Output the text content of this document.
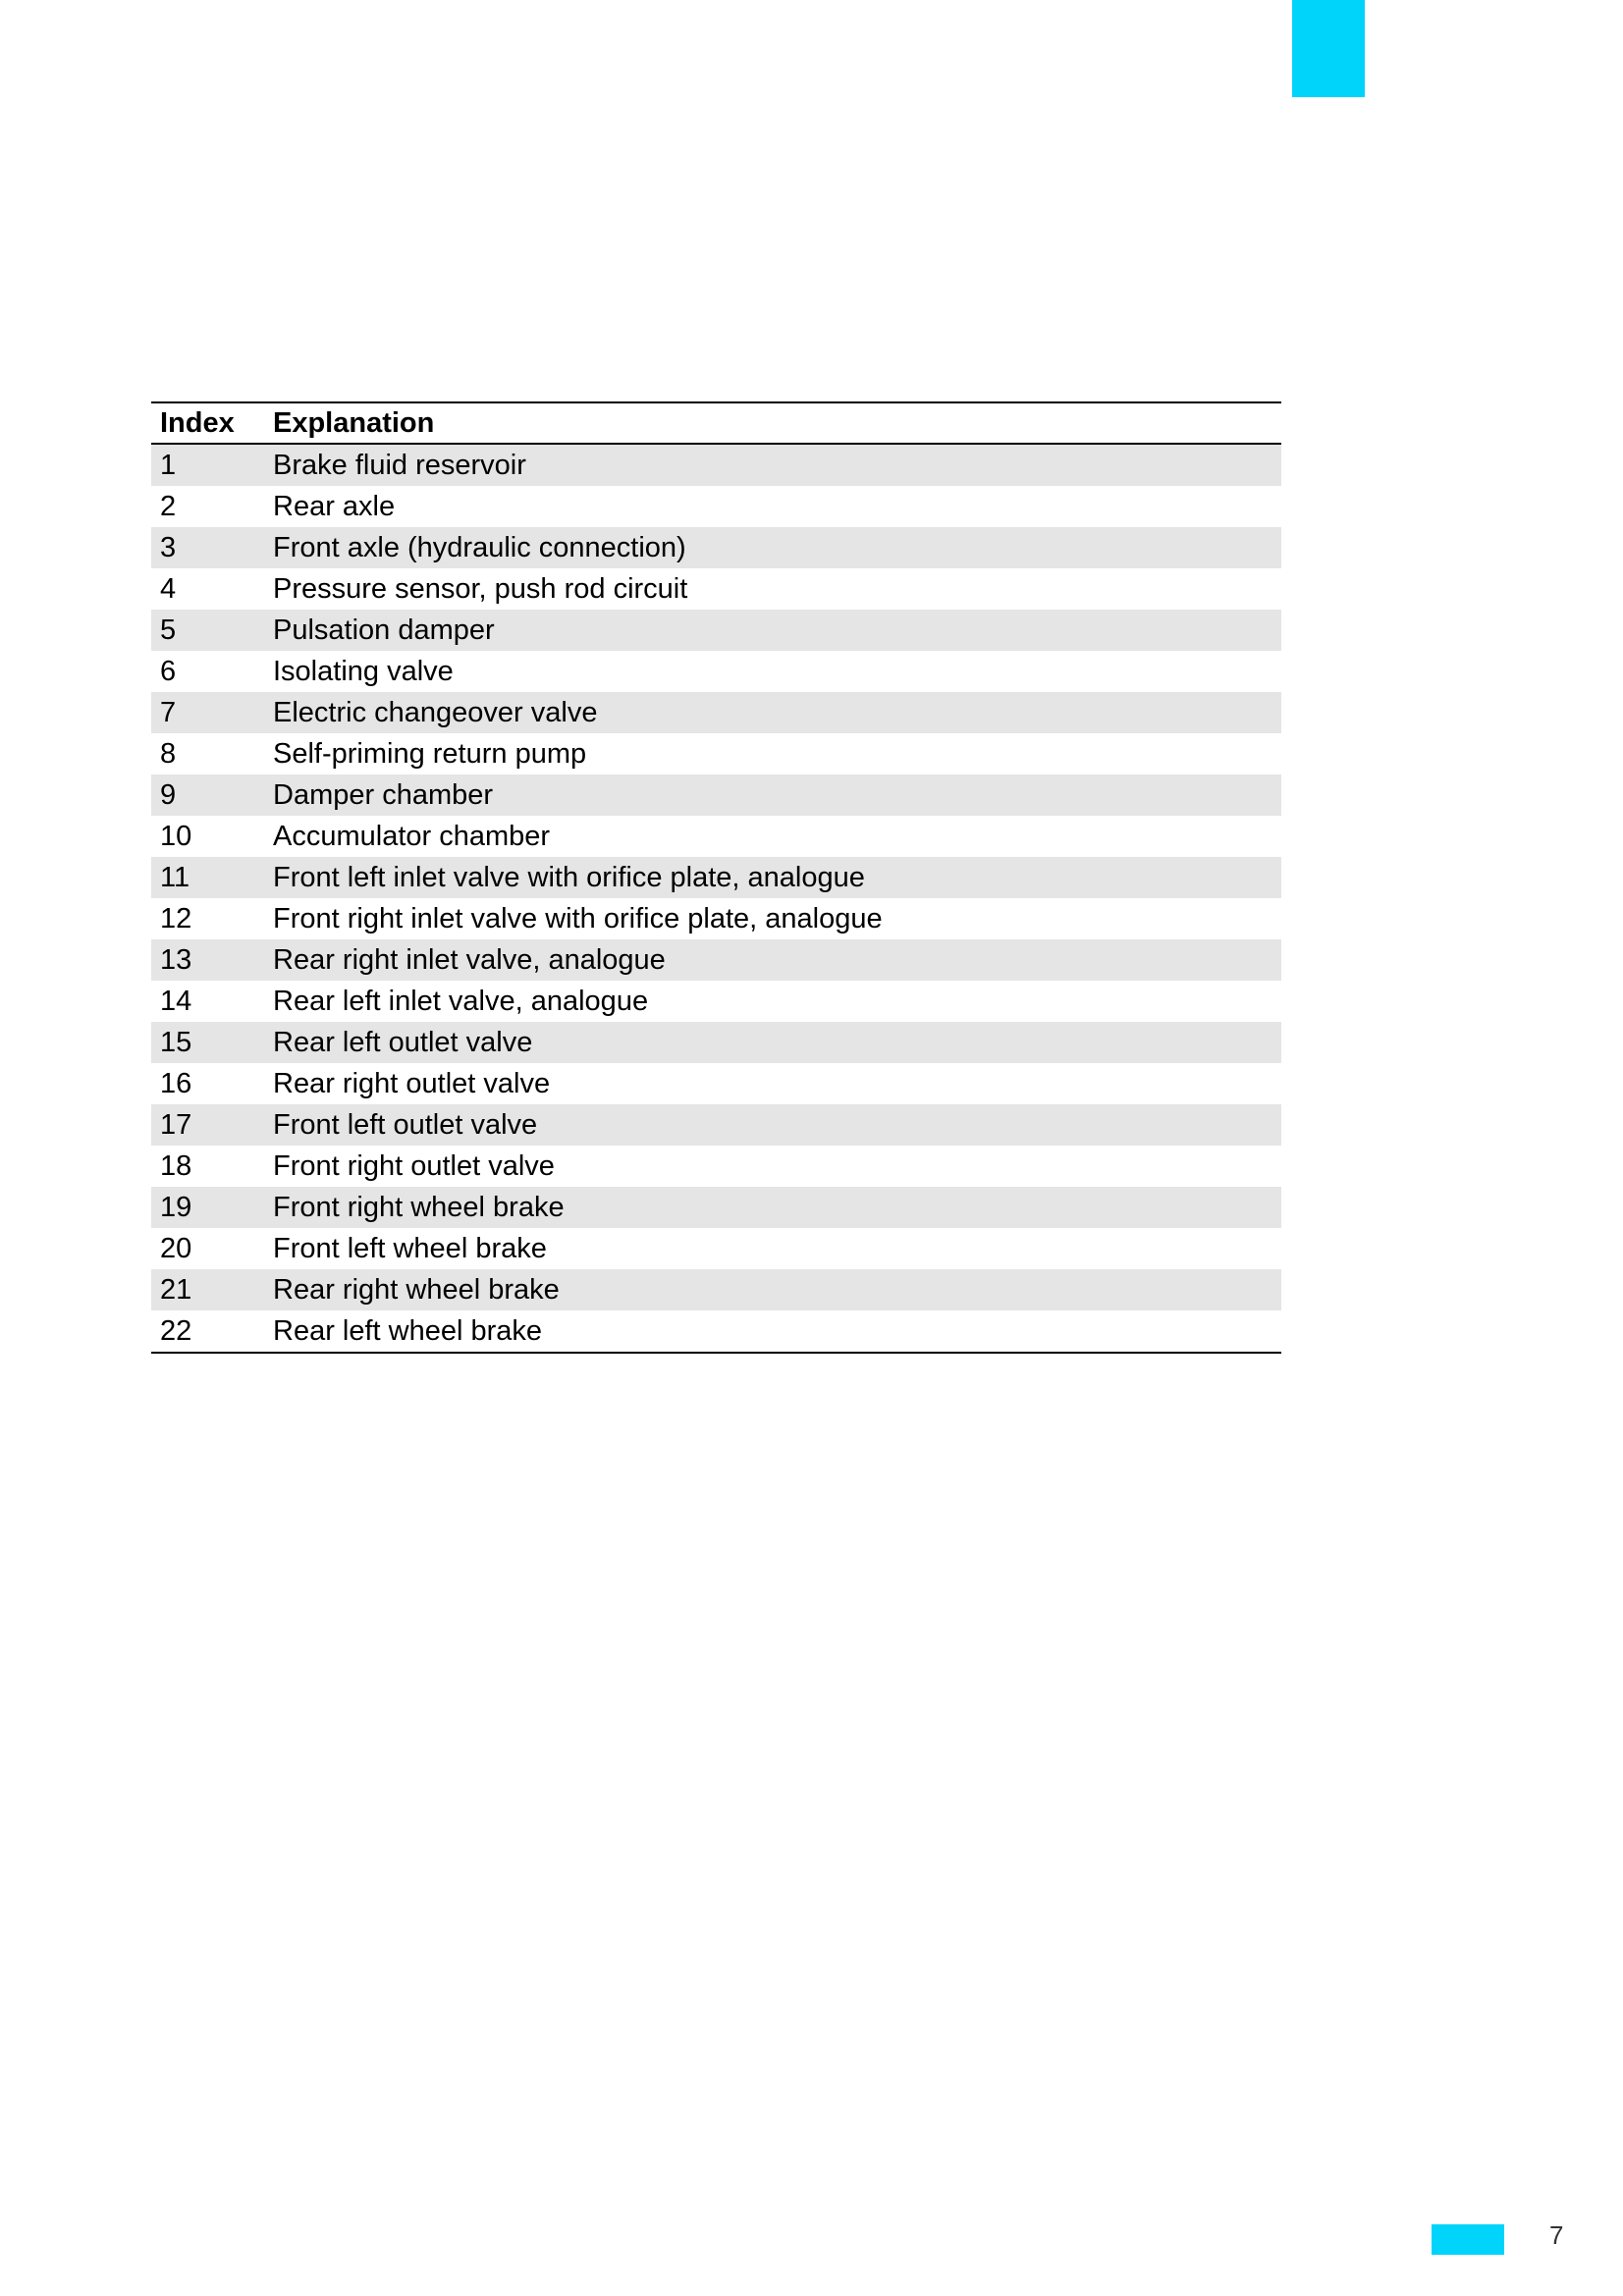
Index	Explanation
1	Brake fluid reservoir
2	Rear axle
3	Front axle (hydraulic connection)
4	Pressure sensor, push rod circuit
5	Pulsation damper
6	Isolating valve
7	Electric changeover valve
8	Self-priming return pump
9	Damper chamber
10	Accumulator chamber
11	Front left inlet valve with orifice plate, analogue
12	Front right inlet valve with orifice plate, analogue
13	Rear right inlet valve, analogue
14	Rear left inlet valve, analogue
15	Rear left outlet valve
16	Rear right outlet valve
17	Front left outlet valve
18	Front right outlet valve
19	Front right wheel brake
20	Front left wheel brake
21	Rear right wheel brake
22	Rear left wheel brake
7
